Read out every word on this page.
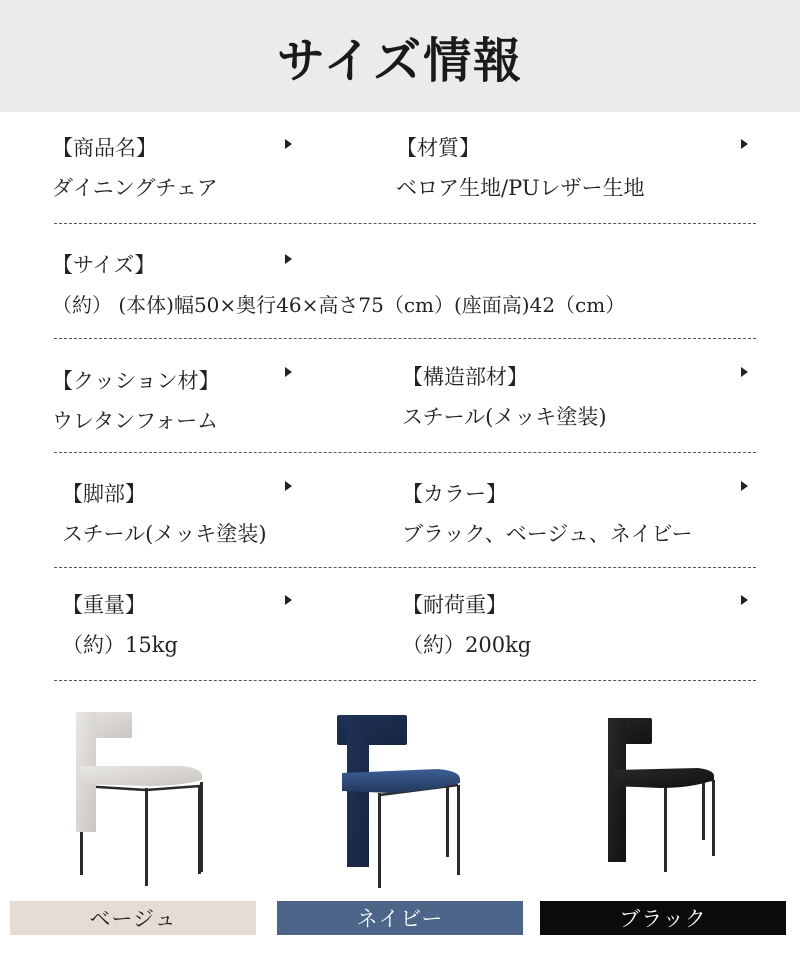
サイズ情報
【商品名】
ダイニングチェア
【材質】
ベロア生地/PUレザー生地
【サイズ】
（約） (本体)幅50×奥行46×高さ75（cm）(座面高)42（cm）
【クッション材】
ウレタンフォーム
【構造部材】
スチール(メッキ塗装)
【脚部】
スチール(メッキ塗装)
【カラー】
ブラック、ベージュ、ネイビー
【重量】
（約）15kg
【耐荷重】
（約）200kg
ベージュ	ネイビー	ブラック
